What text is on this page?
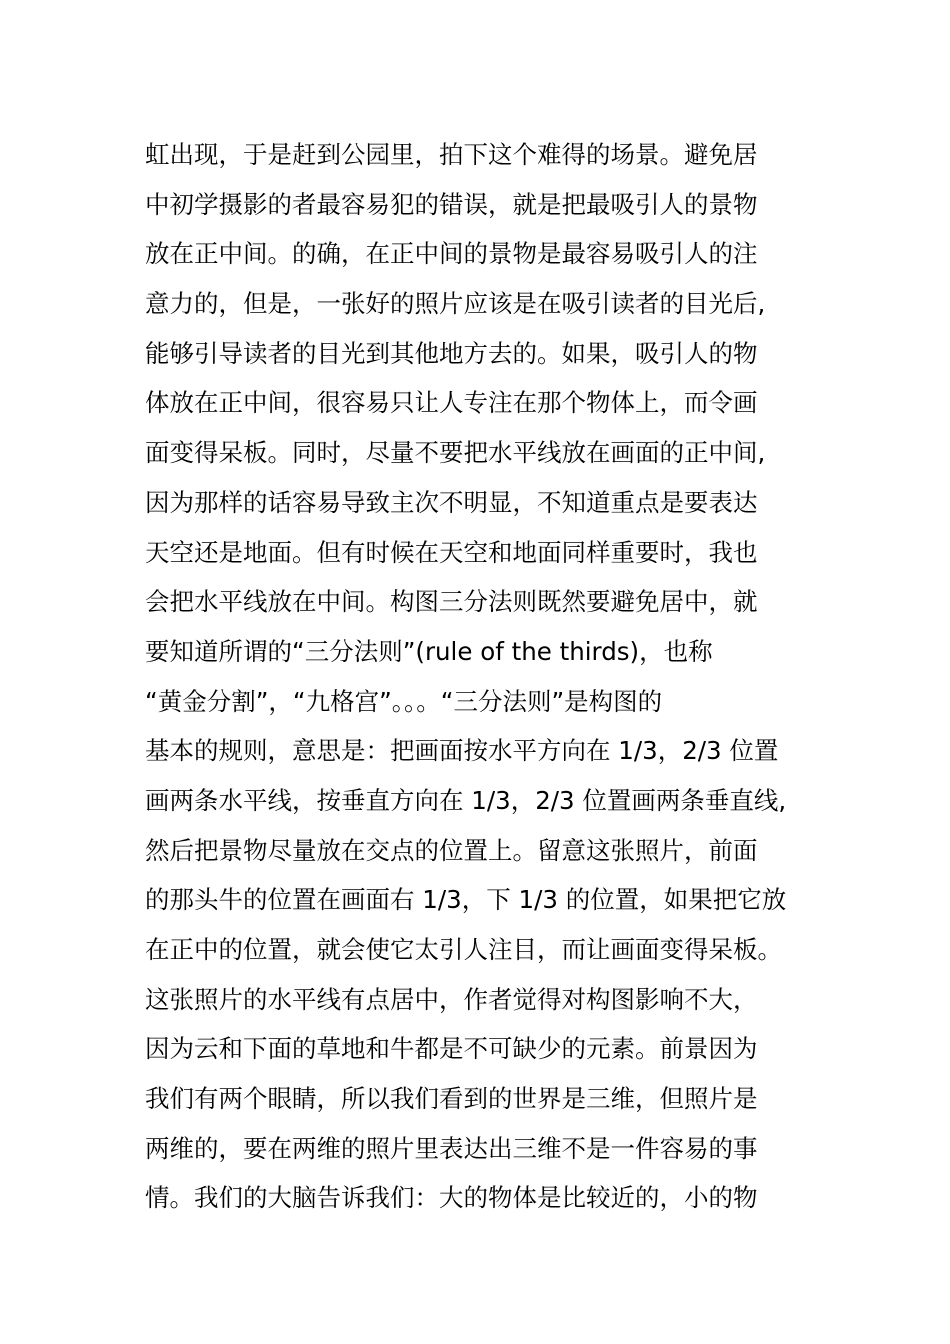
虹出现，于是赶到公园里，拍下这个难得的场景。避免居
中初学摄影的者最容易犯的错误，就是把最吸引人的景物
放在正中间。的确，在正中间的景物是最容易吸引人的注
意力的，但是，一张好的照片应该是在吸引读者的目光后,
能够引导读者的目光到其他地方去的。如果，吸引人的物
体放在正中间，很容易只让人专注在那个物体上，而令画
面变得呆板。同时，尽量不要把水平线放在画面的正中间,
因为那样的话容易导致主次不明显，不知道重点是要表达
天空还是地面。但有时候在天空和地面同样重要时，我也
会把水平线放在中间。构图三分法则既然要避免居中，就
要知道所谓的“三分法则”(rule of the thirds)，也称
“黄金分割”，“九格宫”。。。“三分法则”是构图的
基本的规则，意思是：把画面按水平方向在 1/3，2/3 位置
画两条水平线，按垂直方向在 1/3，2/3 位置画两条垂直线,
然后把景物尽量放在交点的位置上。留意这张照片，前面
的那头牛的位置在画面右 1/3，下 1/3 的位置，如果把它放
在正中的位置，就会使它太引人注目，而让画面变得呆板。
这张照片的水平线有点居中，作者觉得对构图影响不大，
因为云和下面的草地和牛都是不可缺少的元素。前景因为
我们有两个眼睛，所以我们看到的世界是三维，但照片是
两维的，要在两维的照片里表达出三维不是一件容易的事
情。我们的大脑告诉我们：大的物体是比较近的，小的物
